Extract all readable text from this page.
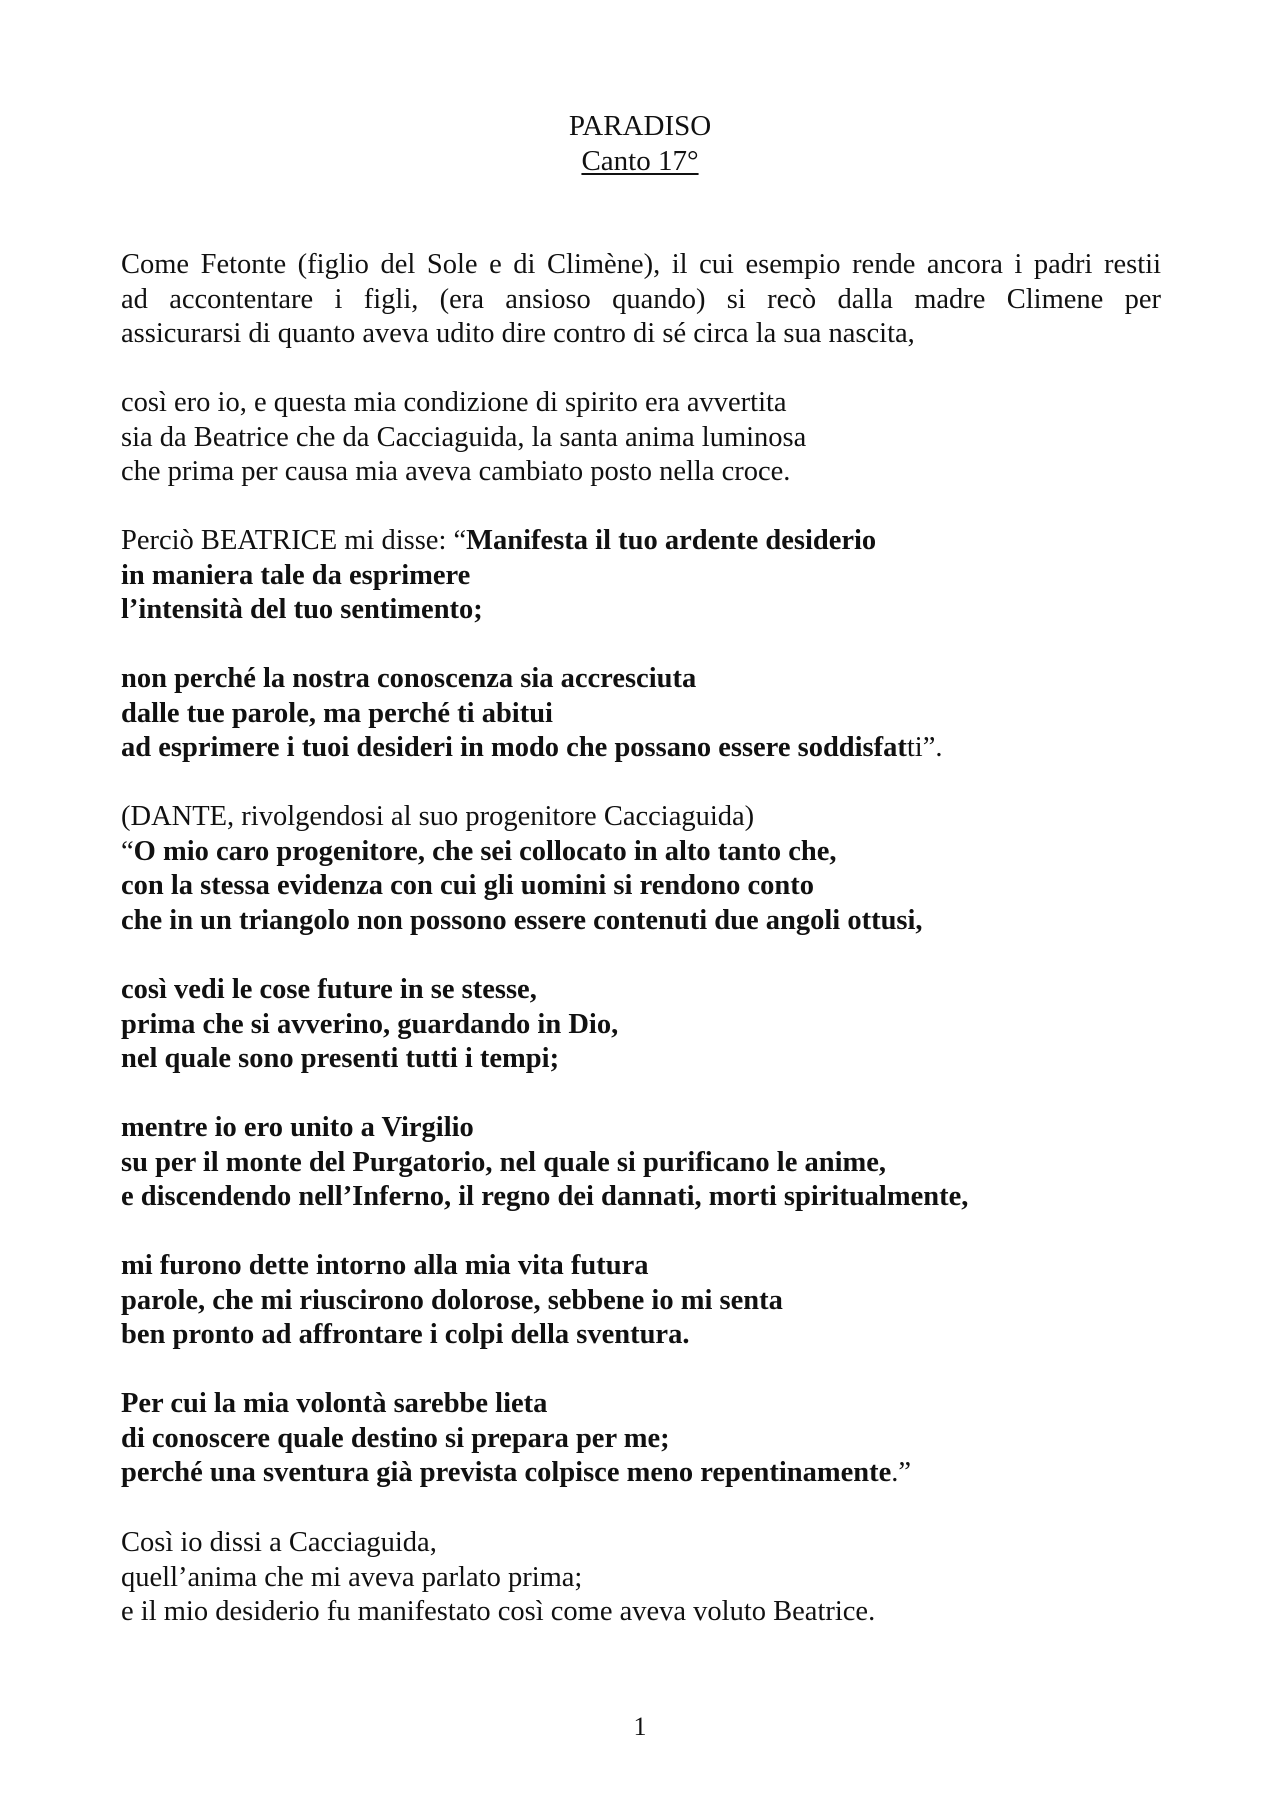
PARADISO
Canto 17°
Come Fetonte (figlio del Sole e di Climène), il cui esempio rende ancora i padri restii
ad accontentare i figli, (era ansioso quando) si recò dalla madre Climene per
assicurarsi di quanto aveva udito dire contro di sé circa la sua nascita,
così ero io, e questa mia condizione di spirito era avvertita
sia da Beatrice che da Cacciaguida, la santa anima luminosa
che prima per causa mia aveva cambiato posto nella croce.
Perciò BEATRICE mi disse: “Manifesta il tuo ardente desiderio
in maniera tale da esprimere
l’intensità del tuo sentimento;
non perché la nostra conoscenza sia accresciuta
dalle tue parole, ma perché ti abitui
ad esprimere i tuoi desideri in modo che possano essere soddisfatti”.
(DANTE, rivolgendosi al suo progenitore Cacciaguida)
“O mio caro progenitore, che sei collocato in alto tanto che,
con la stessa evidenza con cui gli uomini si rendono conto
che in un triangolo non possono essere contenuti due angoli ottusi,
così vedi le cose future in se stesse,
prima che si avverino, guardando in Dio,
nel quale sono presenti tutti i tempi;
mentre io ero unito a Virgilio
su per il monte del Purgatorio, nel quale si purificano le anime,
e discendendo nell’Inferno, il regno dei dannati, morti spiritualmente,
mi furono dette intorno alla mia vita futura
parole, che mi riuscirono dolorose, sebbene io mi senta
ben pronto ad affrontare i colpi della sventura.
Per cui la mia volontà sarebbe lieta
di conoscere quale destino si prepara per me;
perché una sventura già prevista colpisce meno repentinamente.”
Così io dissi a Cacciaguida,
quell’anima che mi aveva parlato prima;
e il mio desiderio fu manifestato così come aveva voluto Beatrice.
1
